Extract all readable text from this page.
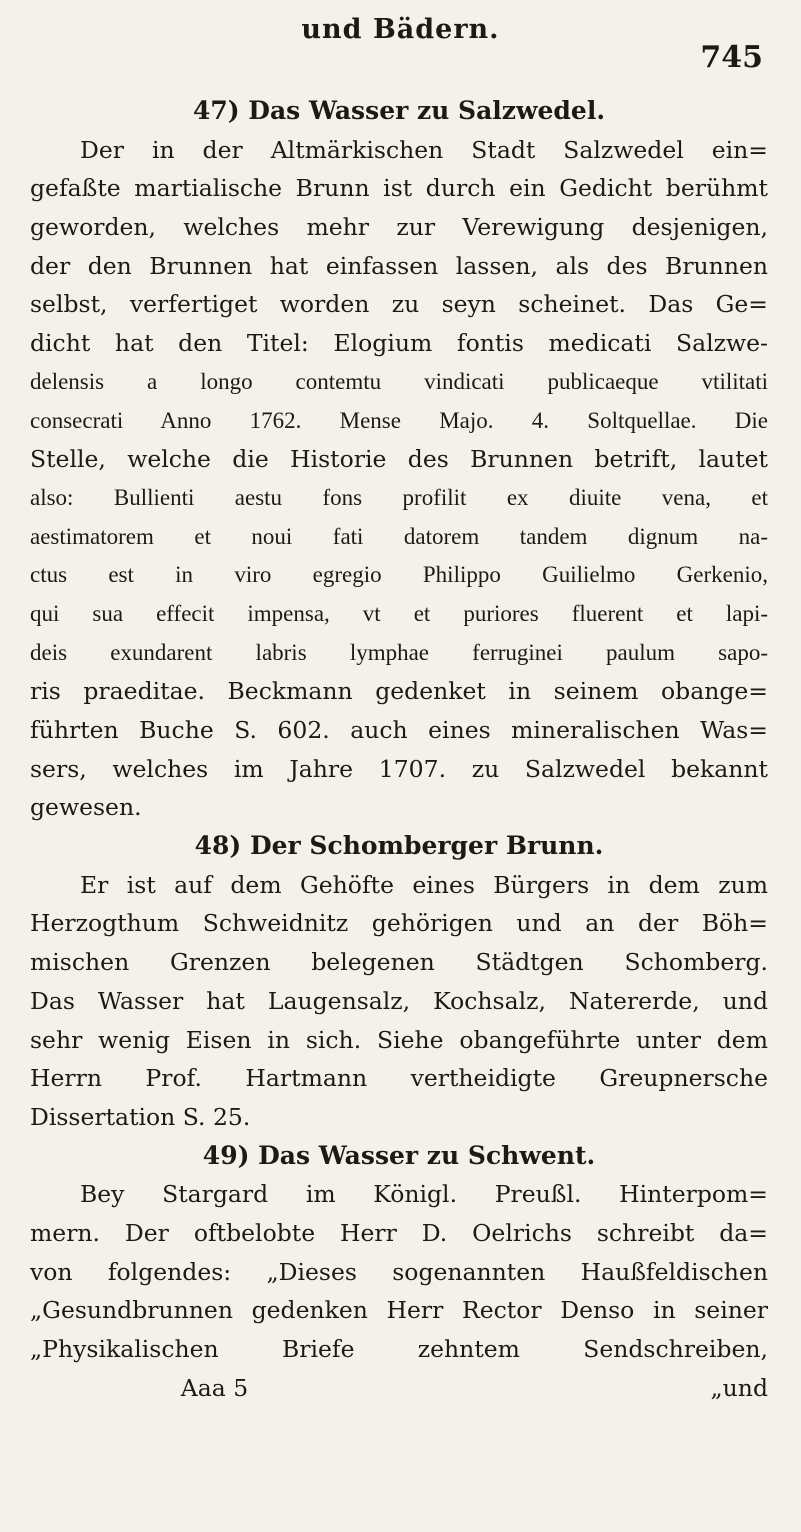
und Bädern.
745
47) Das Wasser zu Salzwedel.
Der in der Altmärkischen Stadt Salzwedel ein=
gefaßte martialische Brunn ist durch ein Gedicht berühmt
geworden, welches mehr zur Verewigung desjenigen,
der den Brunnen hat einfassen lassen, als des Brunnen
selbst, verfertiget worden zu seyn scheinet. Das Ge=
dicht hat den Titel: Elogium fontis medicati Salzwe-
delensis a longo contemtu vindicati publicaeque vtilitati
consecrati Anno 1762. Mense Majo. 4. Soltquellae. Die
Stelle, welche die Historie des Brunnen betrift, lautet
also: Bullienti aestu fons profilit ex diuite vena, et
aestimatorem et noui fati datorem tandem dignum na-
ctus est in viro egregio Philippo Guilielmo Gerkenio,
qui sua effecit impensa, vt et puriores fluerent et lapi-
deis exundarent labris lymphae ferruginei paulum sapo-
ris praeditae. Beckmann gedenket in seinem obange=
führten Buche S. 602. auch eines mineralischen Was=
sers, welches im Jahre 1707. zu Salzwedel bekannt
gewesen.
48) Der Schomberger Brunn.
Er ist auf dem Gehöfte eines Bürgers in dem zum
Herzogthum Schweidnitz gehörigen und an der Böh=
mischen Grenzen belegenen Städtgen Schomberg.
Das Wasser hat Laugensalz, Kochsalz, Natererde, und
sehr wenig Eisen in sich. Siehe obangeführte unter dem
Herrn Prof. Hartmann vertheidigte Greupnersche
Dissertation S. 25.
49) Das Wasser zu Schwent.
Bey Stargard im Königl. Preußl. Hinterpom=
mern. Der oftbelobte Herr D. Oelrichs schreibt da=
von folgendes: „Dieses sogenannten Haußfeldischen
„Gesundbrunnen gedenken Herr Rector Denso in seiner
„Physikalischen Briefe zehntem Sendschreiben,
Aaa 5	„und
